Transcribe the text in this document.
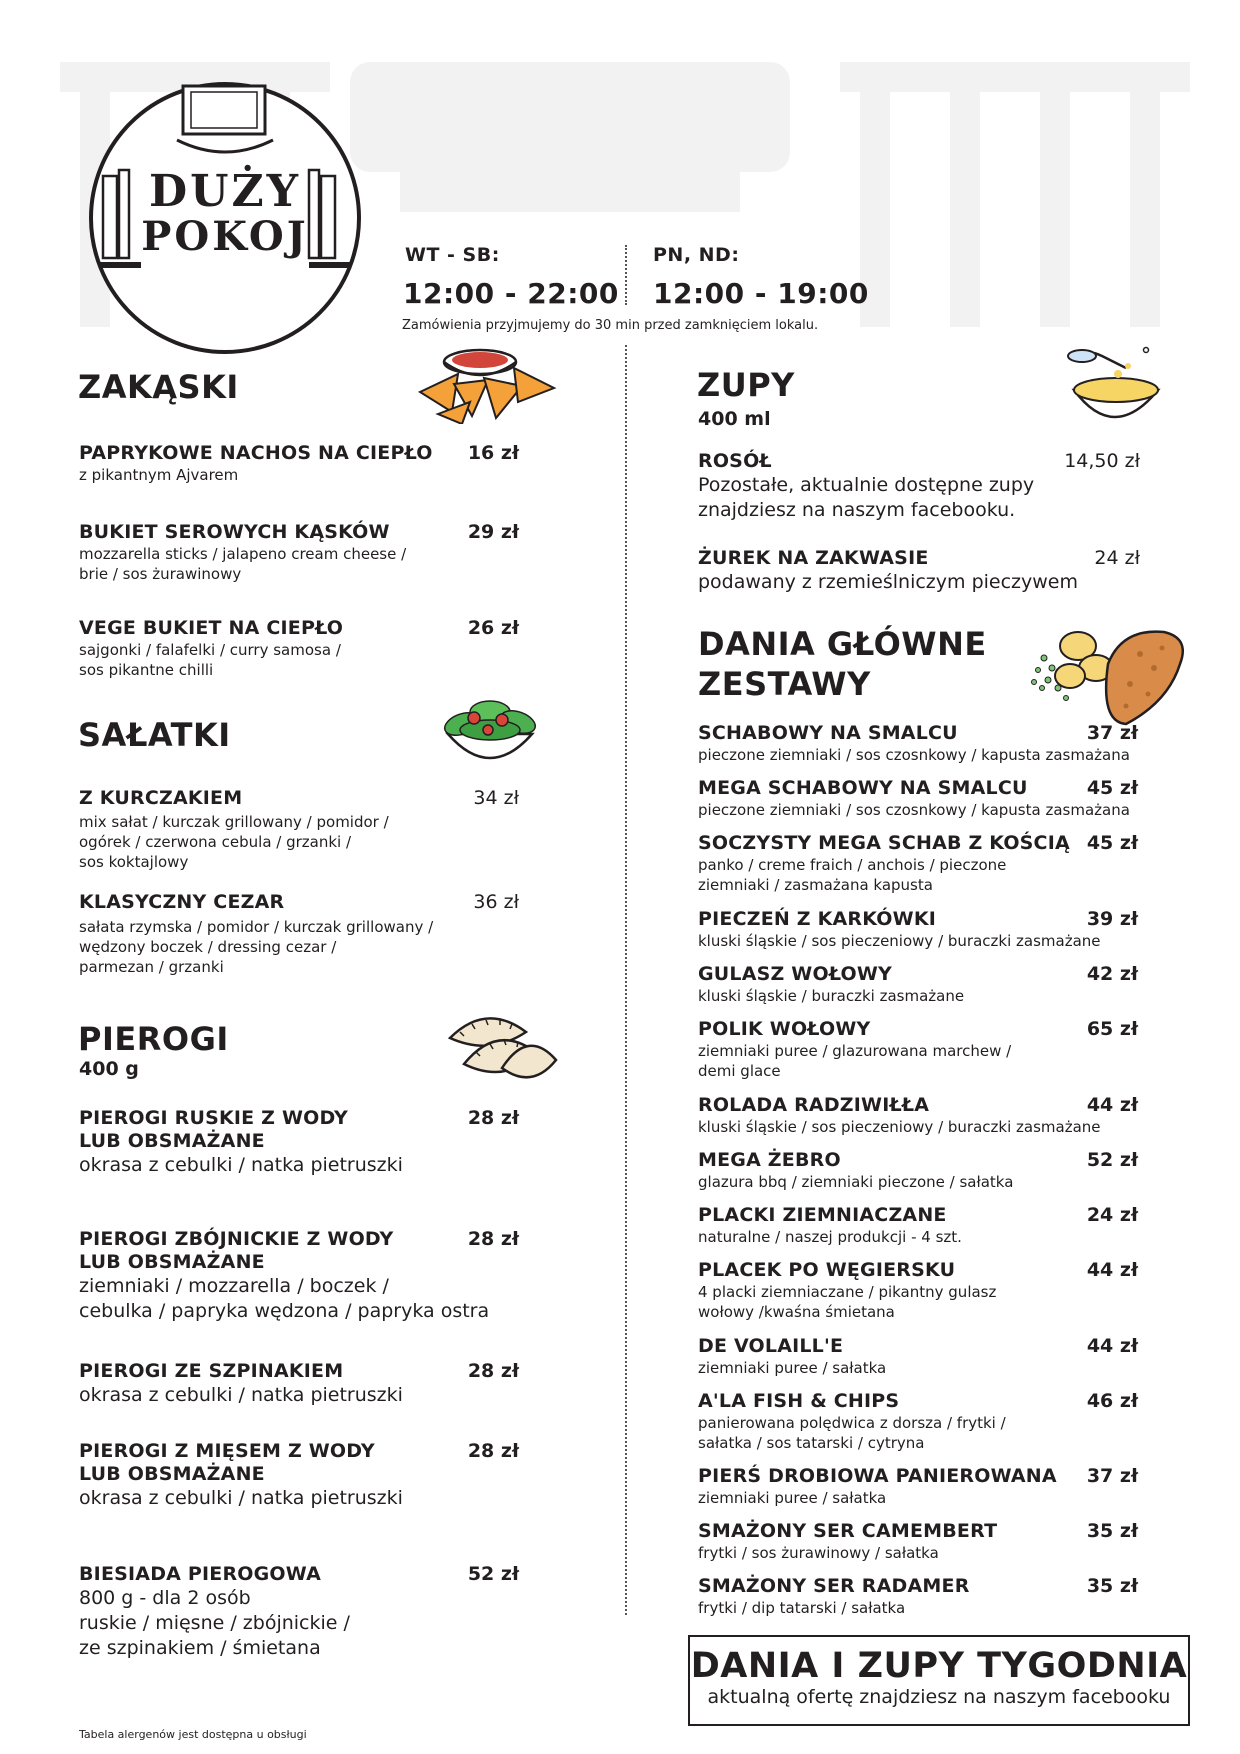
DUŻY
POKOJ	WT - SB:
12:00 - 22:00
PN, ND:
12:00 - 19:00
Zamówienia przyjmujemy do 30 min przed zamknięciem lokalu.
ZAKĄSKI
PAPRYKOWE NACHOS NA CIEPŁO
z pikantnym Ajvarem
16 zł
BUKIET SEROWYCH KĄSKÓW
mozzarella sticks / jalapeno cream cheese /
brie / sos żurawinowy
29 zł
VEGE BUKIET NA CIEPŁO
sajgonki / falafelki / curry samosa /
sos pikantne chilli
26 zł
SAŁATKI
Z KURCZAKIEM
mix sałat / kurczak grillowany / pomidor /
ogórek / czerwona cebula / grzanki /
sos koktajlowy
34 zł
KLASYCZNY CEZAR
sałata rzymska / pomidor / kurczak grillowany /
wędzony boczek / dressing cezar /
parmezan / grzanki
36 zł
PIEROGI
400 g
PIEROGI RUSKIE Z WODY
LUB OBSMAŻANE
okrasa z cebulki / natka pietruszki
28 zł
PIEROGI ZBÓJNICKIE Z WODY
LUB OBSMAŻANE
ziemniaki / mozzarella / boczek /
cebulka / papryka wędzona / papryka ostra
28 zł
PIEROGI ZE SZPINAKIEM
okrasa z cebulki / natka pietruszki
28 zł
PIEROGI Z MIĘSEM Z WODY
LUB OBSMAŻANE
okrasa z cebulki / natka pietruszki
28 zł
BIESIADA PIEROGOWA
800 g - dla 2 osób
ruskie / mięsne / zbójnickie /
ze szpinakiem / śmietana
52 zł
ZUPY
400 ml
ROSÓŁ
Pozostałe, aktualnie dostępne zupy
znajdziesz na naszym facebooku.
14,50 zł
ŻUREK NA ZAKWASIE
podawany z rzemieślniczym pieczywem
24 zł
DANIA GŁÓWNE
ZESTAWY
SCHABOWY NA SMALCU
pieczone ziemniaki / sos czosnkowy / kapusta zasmażana
37 zł
MEGA SCHABOWY NA SMALCU
pieczone ziemniaki / sos czosnkowy / kapusta zasmażana
45 zł
SOCZYSTY MEGA SCHAB Z KOŚCIĄ
panko / creme fraich / anchois / pieczone
ziemniaki / zasmażana kapusta
45 zł
PIECZEŃ Z KARKÓWKI
kluski śląskie / sos pieczeniowy / buraczki zasmażane
39 zł
GULASZ WOŁOWY
kluski śląskie / buraczki zasmażane
42 zł
POLIK WOŁOWY
ziemniaki puree / glazurowana marchew /
demi glace
65 zł
ROLADA RADZIWIŁŁA
kluski śląskie / sos pieczeniowy / buraczki zasmażane
44 zł
MEGA ŻEBRO
glazura bbq / ziemniaki pieczone / sałatka
52 zł
PLACKI ZIEMNIACZANE
naturalne / naszej produkcji - 4 szt.
24 zł
PLACEK PO WĘGIERSKU
4 placki ziemniaczane / pikantny gulasz
wołowy /kwaśna śmietana
44 zł
DE VOLAILL'E
ziemniaki puree / sałatka
44 zł
A'LA FISH & CHIPS
panierowana polędwica z dorsza / frytki /
sałatka / sos tatarski / cytryna
46 zł
PIERŚ DROBIOWA PANIEROWANA
ziemniaki puree / sałatka
37 zł
SMAŻONY SER CAMEMBERT
frytki / sos żurawinowy / sałatka
35 zł
SMAŻONY SER RADAMER
frytki / dip tatarski / sałatka
35 zł
DANIA I ZUPY TYGODNIA
aktualną ofertę znajdziesz na naszym facebooku
Tabela alergenów jest dostępna u obsługi
